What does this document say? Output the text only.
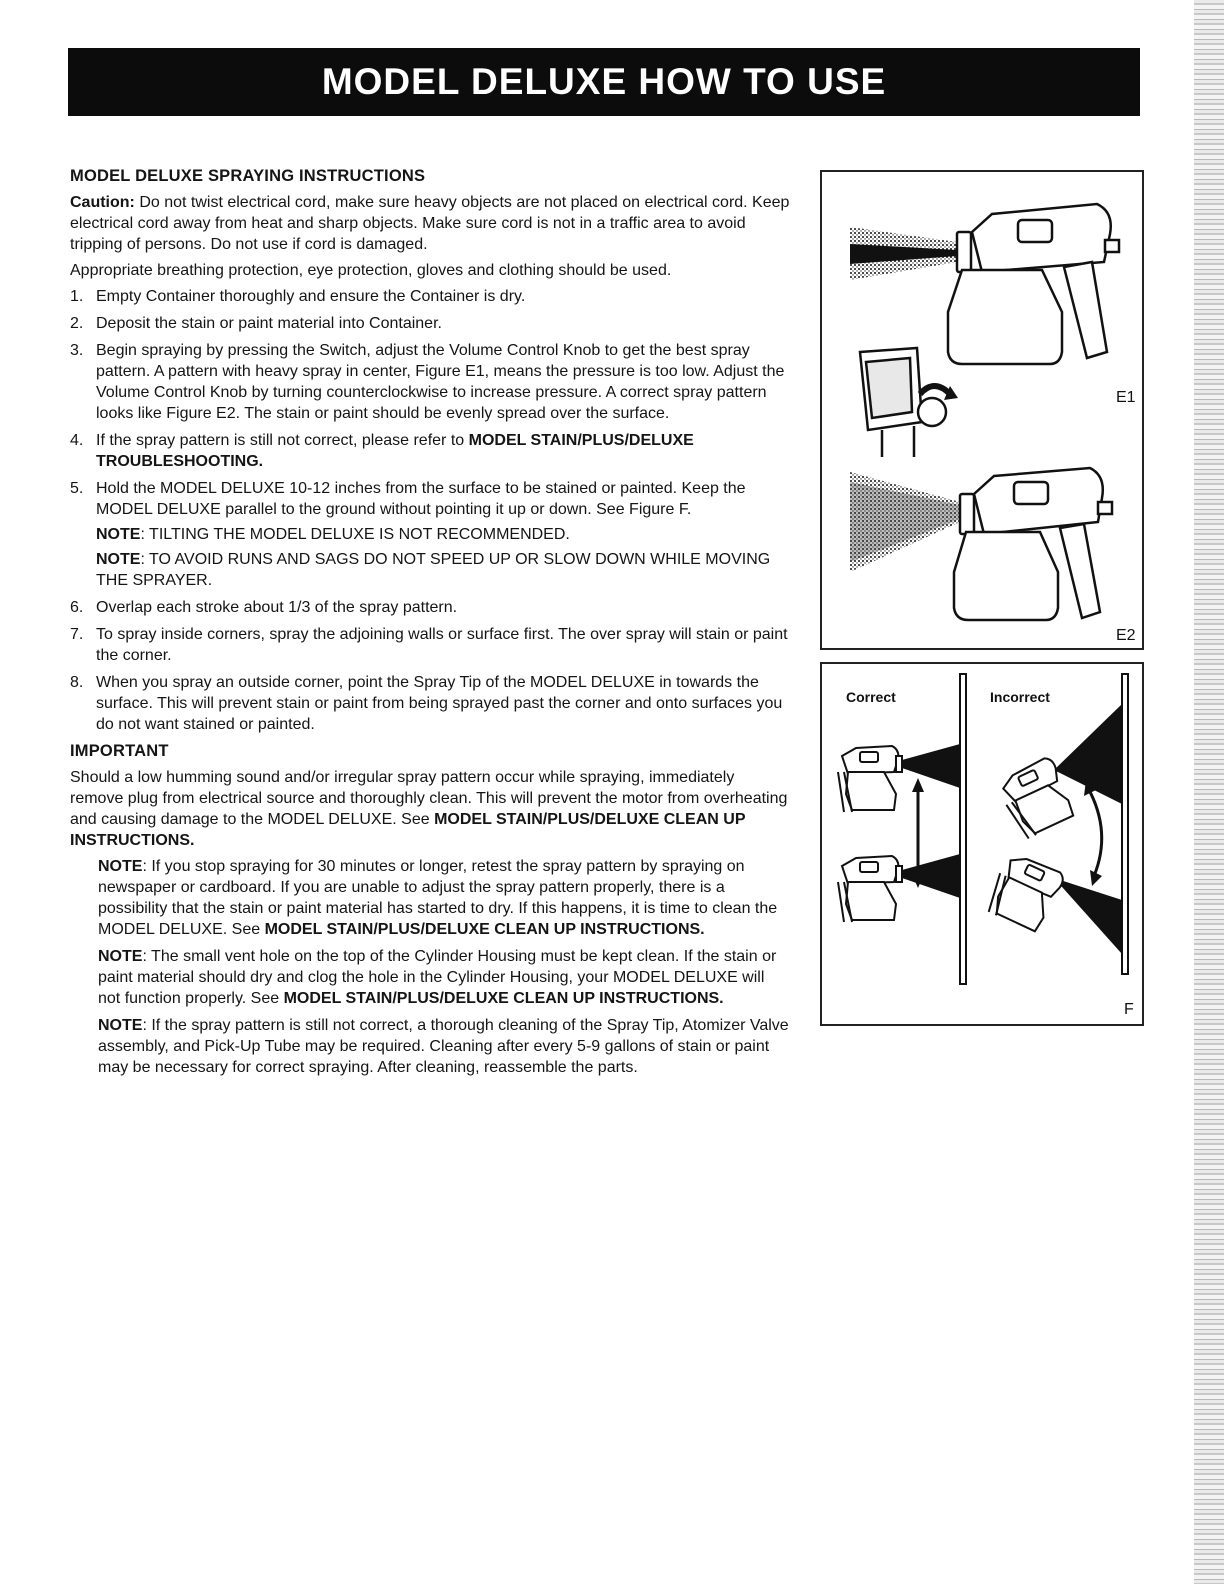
MODEL DELUXE HOW TO USE

MODEL DELUXE SPRAYING INSTRUCTIONS

Caution: Do not twist electrical cord, make sure heavy objects are not placed on electrical cord. Keep electrical cord away from heat and sharp objects. Make sure cord is not in a traffic area to avoid tripping of persons. Do not use if cord is damaged.

Appropriate breathing protection, eye protection, gloves and clothing should be used.

1. Empty Container thoroughly and ensure the Container is dry.
2. Deposit the stain or paint material into Container.
3. Begin spraying by pressing the Switch, adjust the Volume Control Knob to get the best spray pattern. A pattern with heavy spray in center, Figure E1, means the pressure is too low. Adjust the Volume Control Knob by turning counterclockwise to increase pressure. A correct spray pattern looks like Figure E2. The stain or paint should be evenly spread over the surface.
4. If the spray pattern is still not correct, please refer to MODEL STAIN/PLUS/DELUXE TROUBLESHOOTING.
5. Hold the MODEL DELUXE 10-12 inches from the surface to be stained or painted. Keep the MODEL DELUXE parallel to the ground without pointing it up or down. See Figure F.
NOTE: TILTING THE MODEL DELUXE IS NOT RECOMMENDED.
NOTE: TO AVOID RUNS AND SAGS DO NOT SPEED UP OR SLOW DOWN WHILE MOVING THE SPRAYER.
6. Overlap each stroke about 1/3 of the spray pattern.
7. To spray inside corners, spray the adjoining walls or surface first. The over spray will stain or paint the corner.
8. When you spray an outside corner, point the Spray Tip of the MODEL DELUXE in towards the surface. This will prevent stain or paint from being sprayed past the corner and onto surfaces you do not want stained or painted.

IMPORTANT

Should a low humming sound and/or irregular spray pattern occur while spraying, immediately remove plug from electrical source and thoroughly clean. This will prevent the motor from overheating and causing damage to the MODEL DELUXE. See MODEL STAIN/PLUS/DELUXE CLEAN UP INSTRUCTIONS.

NOTE: If you stop spraying for 30 minutes or longer, retest the spray pattern by spraying on newspaper or cardboard. If you are unable to adjust the spray pattern properly, there is a possibility that the stain or paint material has started to dry. If this happens, it is time to clean the MODEL DELUXE. See MODEL STAIN/PLUS/DELUXE CLEAN UP INSTRUCTIONS.

NOTE: The small vent hole on the top of the Cylinder Housing must be kept clean. If the stain or paint material should dry and clog the hole in the Cylinder Housing, your MODEL DELUXE will not function properly. See MODEL STAIN/PLUS/DELUXE CLEAN UP INSTRUCTIONS.

NOTE: If the spray pattern is still not correct, a thorough cleaning of the Spray Tip, Atomizer Valve assembly, and Pick-Up Tube may be required. Cleaning after every 5-9 gallons of stain or paint may be necessary for correct spraying. After cleaning, reassemble the parts.

E1
E2
Correct	Incorrect
F
